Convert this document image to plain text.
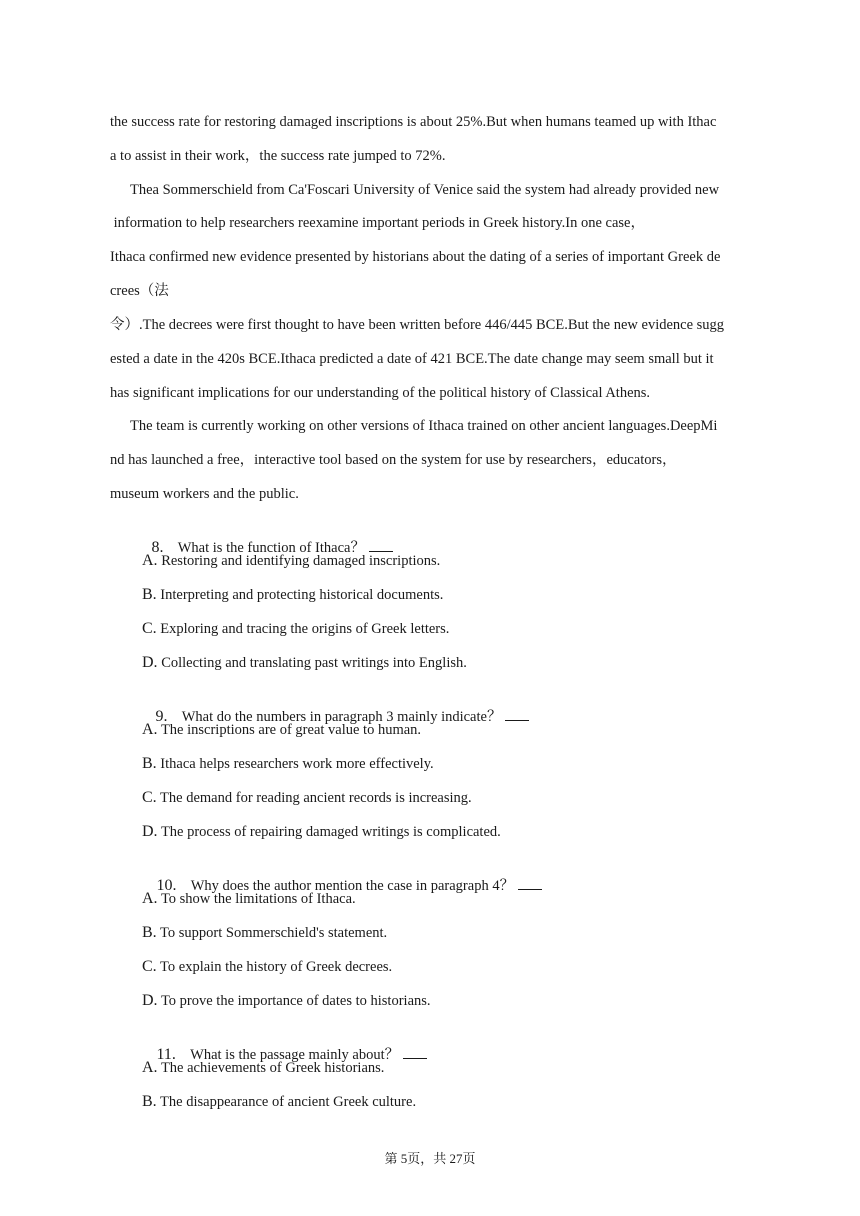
the success rate for restoring damaged inscriptions is about 25%.But when humans teamed up with Ithac
a to assist in their work，the success rate jumped to 72%.
Thea Sommerschield from Ca'Foscari University of Venice said the system had already provided new
information to help researchers reexamine important periods in Greek history.In one case，
Ithaca confirmed new evidence presented by historians about the dating of a series of important Greek de
crees（法
令）.The decrees were first thought to have been written before 446/445 BCE.But the new evidence sugg
ested a date in the 420s BCE.Ithaca predicted a date of 421 BCE.The date change may seem small but it
has significant implications for our understanding of the political history of Classical Athens.
The team is currently working on other versions of Ithaca trained on other ancient languages.DeepMi
nd has launched a free，interactive tool based on the system for use by researchers，educators，
museum workers and the public.

8. What is the function of Ithaca？

A. Restoring and identifying damaged inscriptions.
B. Interpreting and protecting historical documents.
C. Exploring and tracing the origins of Greek letters.
D. Collecting and translating past writings into English.

9. What do the numbers in paragraph 3 mainly indicate？

A. The inscriptions are of great value to human.
B. Ithaca helps researchers work more effectively.
C. The demand for reading ancient records is increasing.
D. The process of repairing damaged writings is complicated.

10. Why does the author mention the case in paragraph 4？

A. To show the limitations of Ithaca.
B. To support Sommerschield's statement.
C. To explain the history of Greek decrees.
D. To prove the importance of dates to historians.

11. What is the passage mainly about？

A. The achievements of Greek historians.
B. The disappearance of ancient Greek culture.
第 5页，共 27页
